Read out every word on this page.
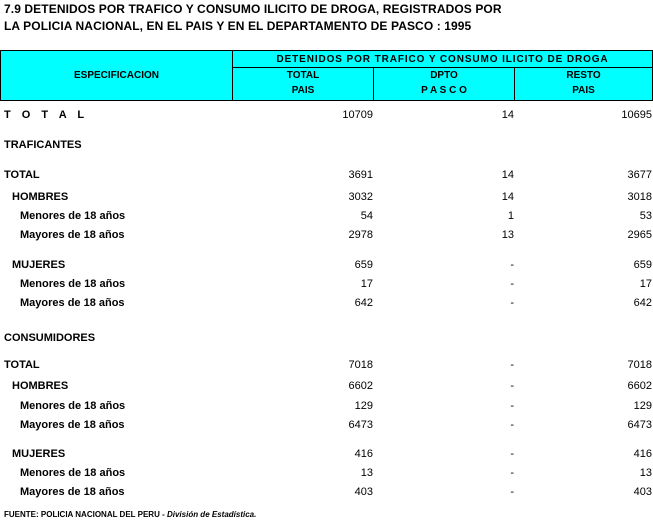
7.9 DETENIDOS POR TRAFICO Y CONSUMO ILICITO DE DROGA, REGISTRADOS POR
LA POLICIA NACIONAL, EN EL PAIS Y EN EL DEPARTAMENTO DE PASCO : 1995
ESPECIFICACION
DETENIDOS POR TRAFICO Y CONSUMO ILICITO DE DROGA
TOTAL
PAIS
DPTO
P A S C O
RESTO
PAIS
T O T A L	10709	14	10695
TRAFICANTES
TOTAL	3691	14	3677
HOMBRES	3032	14	3018
Menores de 18 años	54	1	53
Mayores de 18 años	2978	13	2965
MUJERES	659	-	659
Menores de 18 años	17	-	17
Mayores de 18 años	642	-	642
CONSUMIDORES
TOTAL	7018	-	7018
HOMBRES	6602	-	6602
Menores de 18 años	129	-	129
Mayores de 18 años	6473	-	6473
MUJERES	416	-	416
Menores de 18 años	13	-	13
Mayores de 18 años	403	-	403
FUENTE: POLICIA NACIONAL DEL PERU - División de Estadística.
